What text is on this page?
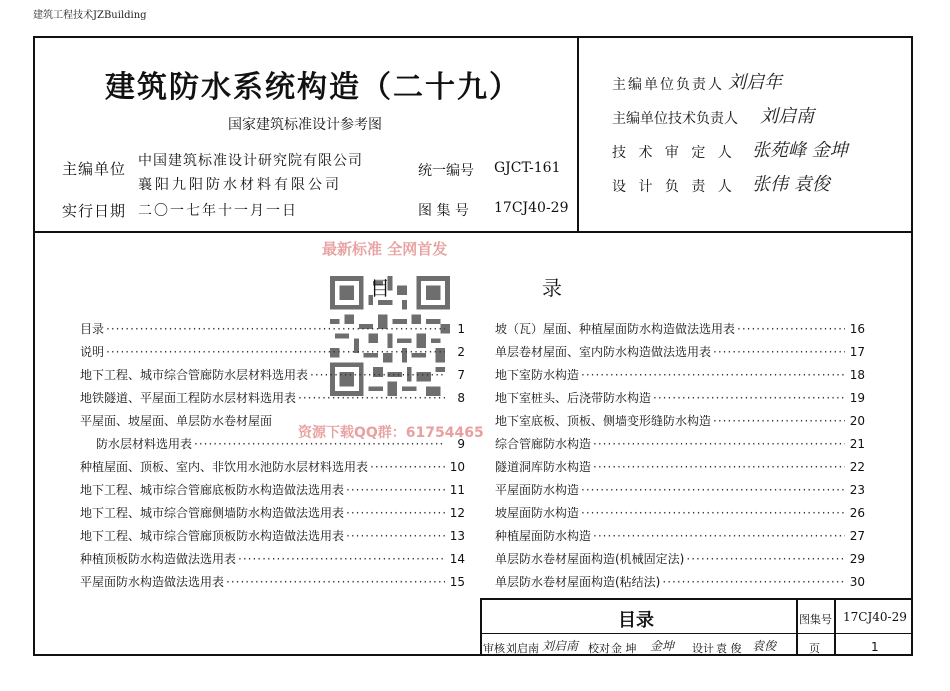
建筑工程技术JZBuilding
建筑防水系统构造（二十九）
国家建筑标准设计参考图
主编单位 中国建筑标准设计研究院有限公司
襄阳九阳防水材料有限公司
实行日期 二〇一七年十一月一日
统一编号 GJCT-161
图 集 号 17CJ40-29
主编单位负责人 刘启年
主编单位技术负责人 刘启南
技 术 审 定 人 张苑峰 金坤
设 计 负 责 人 张伟 袁俊
最新标准 全网首发
资源下载QQ群：61754465
目	录
目录 ·····	1
说明 ·····	2
地下工程、城市综合管廊防水层材料选用表 ·····	7
地铁隧道、平屋面工程防水层材料选用表 ·····	8
平屋面、坡屋面、单层防水卷材屋面
防水层材料选用表 ·····	9
种植屋面、顶板、室内、非饮用水池防水层材料选用表 ·····	10
地下工程、城市综合管廊底板防水构造做法选用表 ·····	11
地下工程、城市综合管廊侧墙防水构造做法选用表 ·····	12
地下工程、城市综合管廊顶板防水构造做法选用表 ·····	13
种植顶板防水构造做法选用表 ·····	14
平屋面防水构造做法选用表 ·····	15
坡（瓦）屋面、种植屋面防水构造做法选用表 ·····	16
单层卷材屋面、室内防水构造做法选用表 ·····	17
地下室防水构造 ·····	18
地下室桩头、后浇带防水构造 ·····	19
地下室底板、顶板、侧墙变形缝防水构造 ·····	20
综合管廊防水构造 ·····	21
隧道洞库防水构造 ·····	22
平屋面防水构造 ·····	23
坡屋面防水构造 ·····	26
种植屋面防水构造 ·····	27
单层防水卷材屋面构造(机械固定法) ·····	29
单层防水卷材屋面构造(粘结法) ·····	30
目录	图集号 17CJ40-29
审核 刘启南 刘启南 校对 金 坤 金坤 设计 袁 俊 袁俊	页	1
